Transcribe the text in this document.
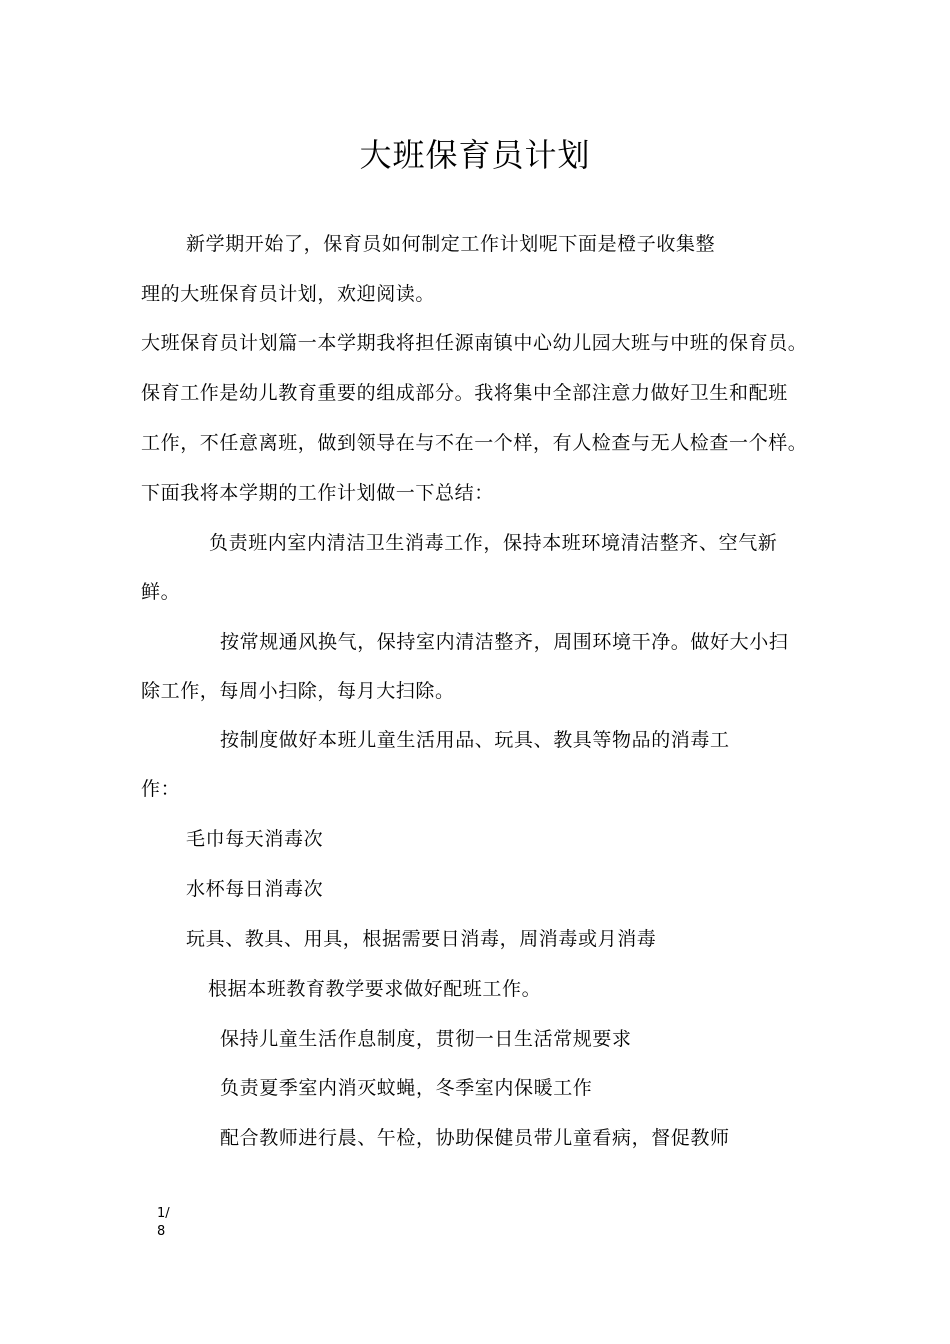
大班保育员计划
新学期开始了，保育员如何制定工作计划呢下面是橙子收集整
理的大班保育员计划，欢迎阅读。
大班保育员计划篇一本学期我将担任源南镇中心幼儿园大班与中班的保育员。
保育工作是幼儿教育重要的组成部分。我将集中全部注意力做好卫生和配班
工作，不任意离班，做到领导在与不在一个样，有人检查与无人检查一个样。
下面我将本学期的工作计划做一下总结：
负责班内室内清洁卫生消毒工作，保持本班环境清洁整齐、空气新
鲜。
按常规通风换气，保持室内清洁整齐，周围环境干净。做好大小扫
除工作，每周小扫除，每月大扫除。
按制度做好本班儿童生活用品、玩具、教具等物品的消毒工
作：
毛巾每天消毒次
水杯每日消毒次
玩具、教具、用具，根据需要日消毒，周消毒或月消毒
根据本班教育教学要求做好配班工作。
保持儿童生活作息制度，贯彻一日生活常规要求
负责夏季室内消灭蚊蝇，冬季室内保暖工作
配合教师进行晨、午检，协助保健员带儿童看病，督促教师
1/
8
